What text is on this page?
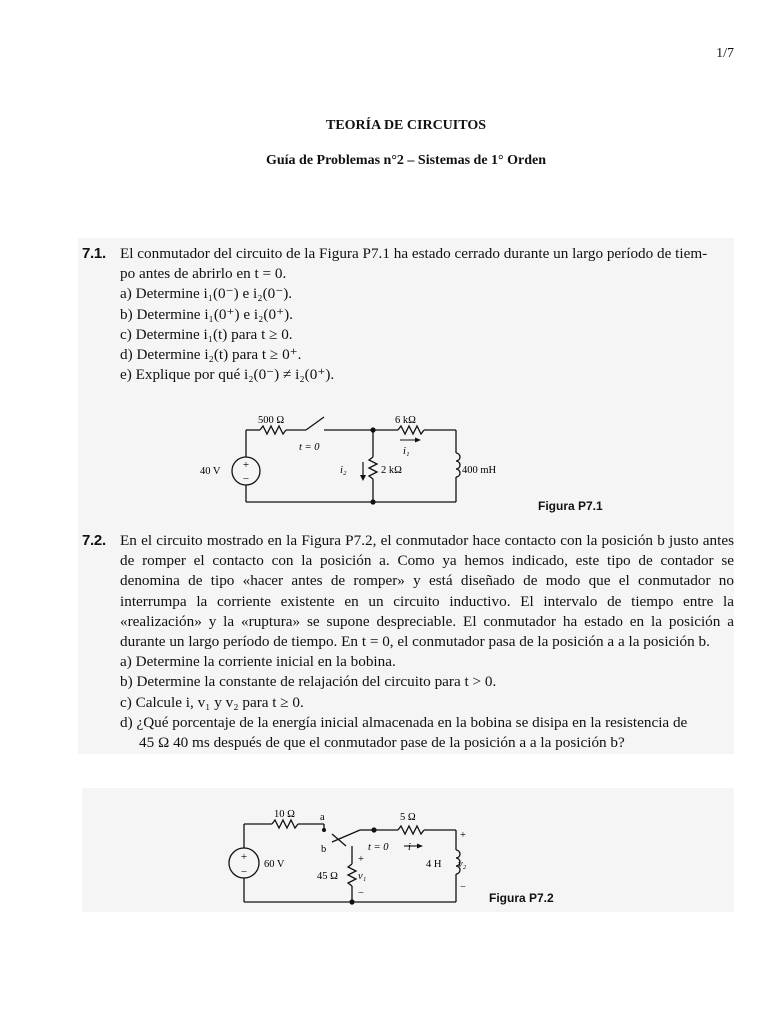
1/7
TEORÍA DE CIRCUITOS
Guía de Problemas n°2 – Sistemas de 1° Orden
7.1. El conmutador del circuito de la Figura P7.1 ha estado cerrado durante un largo período de tiem-
po antes de abrirlo en t = 0.
a) Determine i₁(0⁻) e i₂(0⁻).
b) Determine i₁(0⁺) e i₂(0⁺).
c) Determine i₁(t) para t ≥ 0.
d) Determine i₂(t) para t ≥ 0⁺.
e) Explique por qué i₂(0⁻) ≠ i₂(0⁺).
+
−
500 Ω
t = 0
6 kΩ
i₁
40 V	i₂	2 kΩ	400 mH
Figura P7.1
7.2. En el circuito mostrado en la Figura P7.2, el conmutador hace contacto con la posición b justo antes de romper el contacto con la posición a. Como ya hemos indicado, este tipo de contador se denomina de tipo «hacer antes de romper» y está diseñado de modo que el conmutador no interrumpa la corriente existente en un circuito inductivo. El intervalo de tiempo entre la «realización» y la «ruptura» se supone despreciable. El conmutador ha estado en la posición a durante un largo período de tiempo. En t = 0, el conmutador pasa de la posición a a la posición b.
a) Determine la corriente inicial en la bobina.
b) Determine la constante de relajación del circuito para t > 0.
c) Calcule i, v₁ y v₂ para t ≥ 0.
d) ¿Qué porcentaje de la energía inicial almacenada en la bobina se disipa en la resistencia de
45 Ω 40 ms después de que el conmutador pase de la posición a a la posición b?
+
−
10 Ω a	5 Ω
+
b	t = 0 i
60 V	+	4 H v₂
45 Ω v₁
−
−
Figura P7.2
